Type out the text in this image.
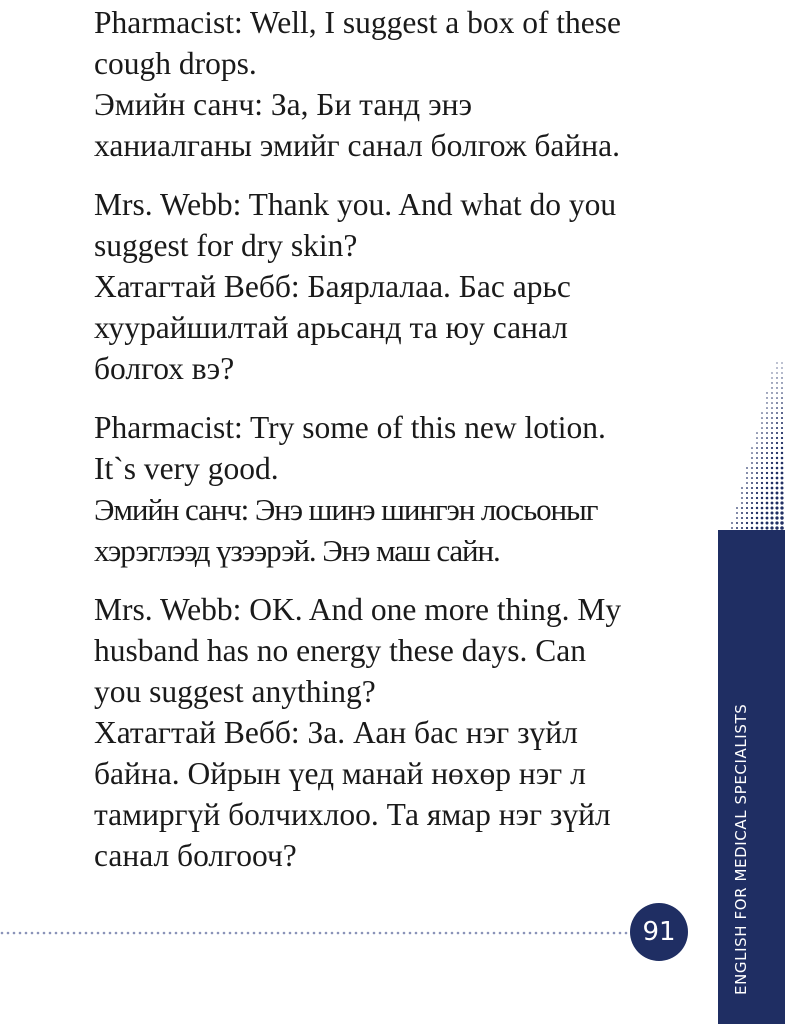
Pharmacist: Well, I suggest a box of these

cough drops.

Эмийн санч: За, Би танд энэ

ханиалганы эмийг санал болгож байна.

Mrs. Webb: Thank you. And what do you

suggest for dry skin?

Хатагтай Вебб: Баярлалаа. Бас арьс

хуурайшилтай арьсанд та юу санал

болгох вэ?

Pharmacist: Try some of this new lotion.

It`s very good.

Эмийн санч: Энэ шинэ шингэн лосьоныг

хэрэглээд үзээрэй. Энэ маш сайн.

Mrs. Webb: OK. And one more thing. My

husband has no energy these days. Can

you suggest anything?

Хатагтай Вебб: За. Аан бас нэг зүйл

байна. Ойрын үед манай нөхөр нэг л

тамиргүй болчихлоо. Та ямар нэг зүйл

санал болгооч?	ENGLISH FOR MEDICAL SPECIALISTS
91
